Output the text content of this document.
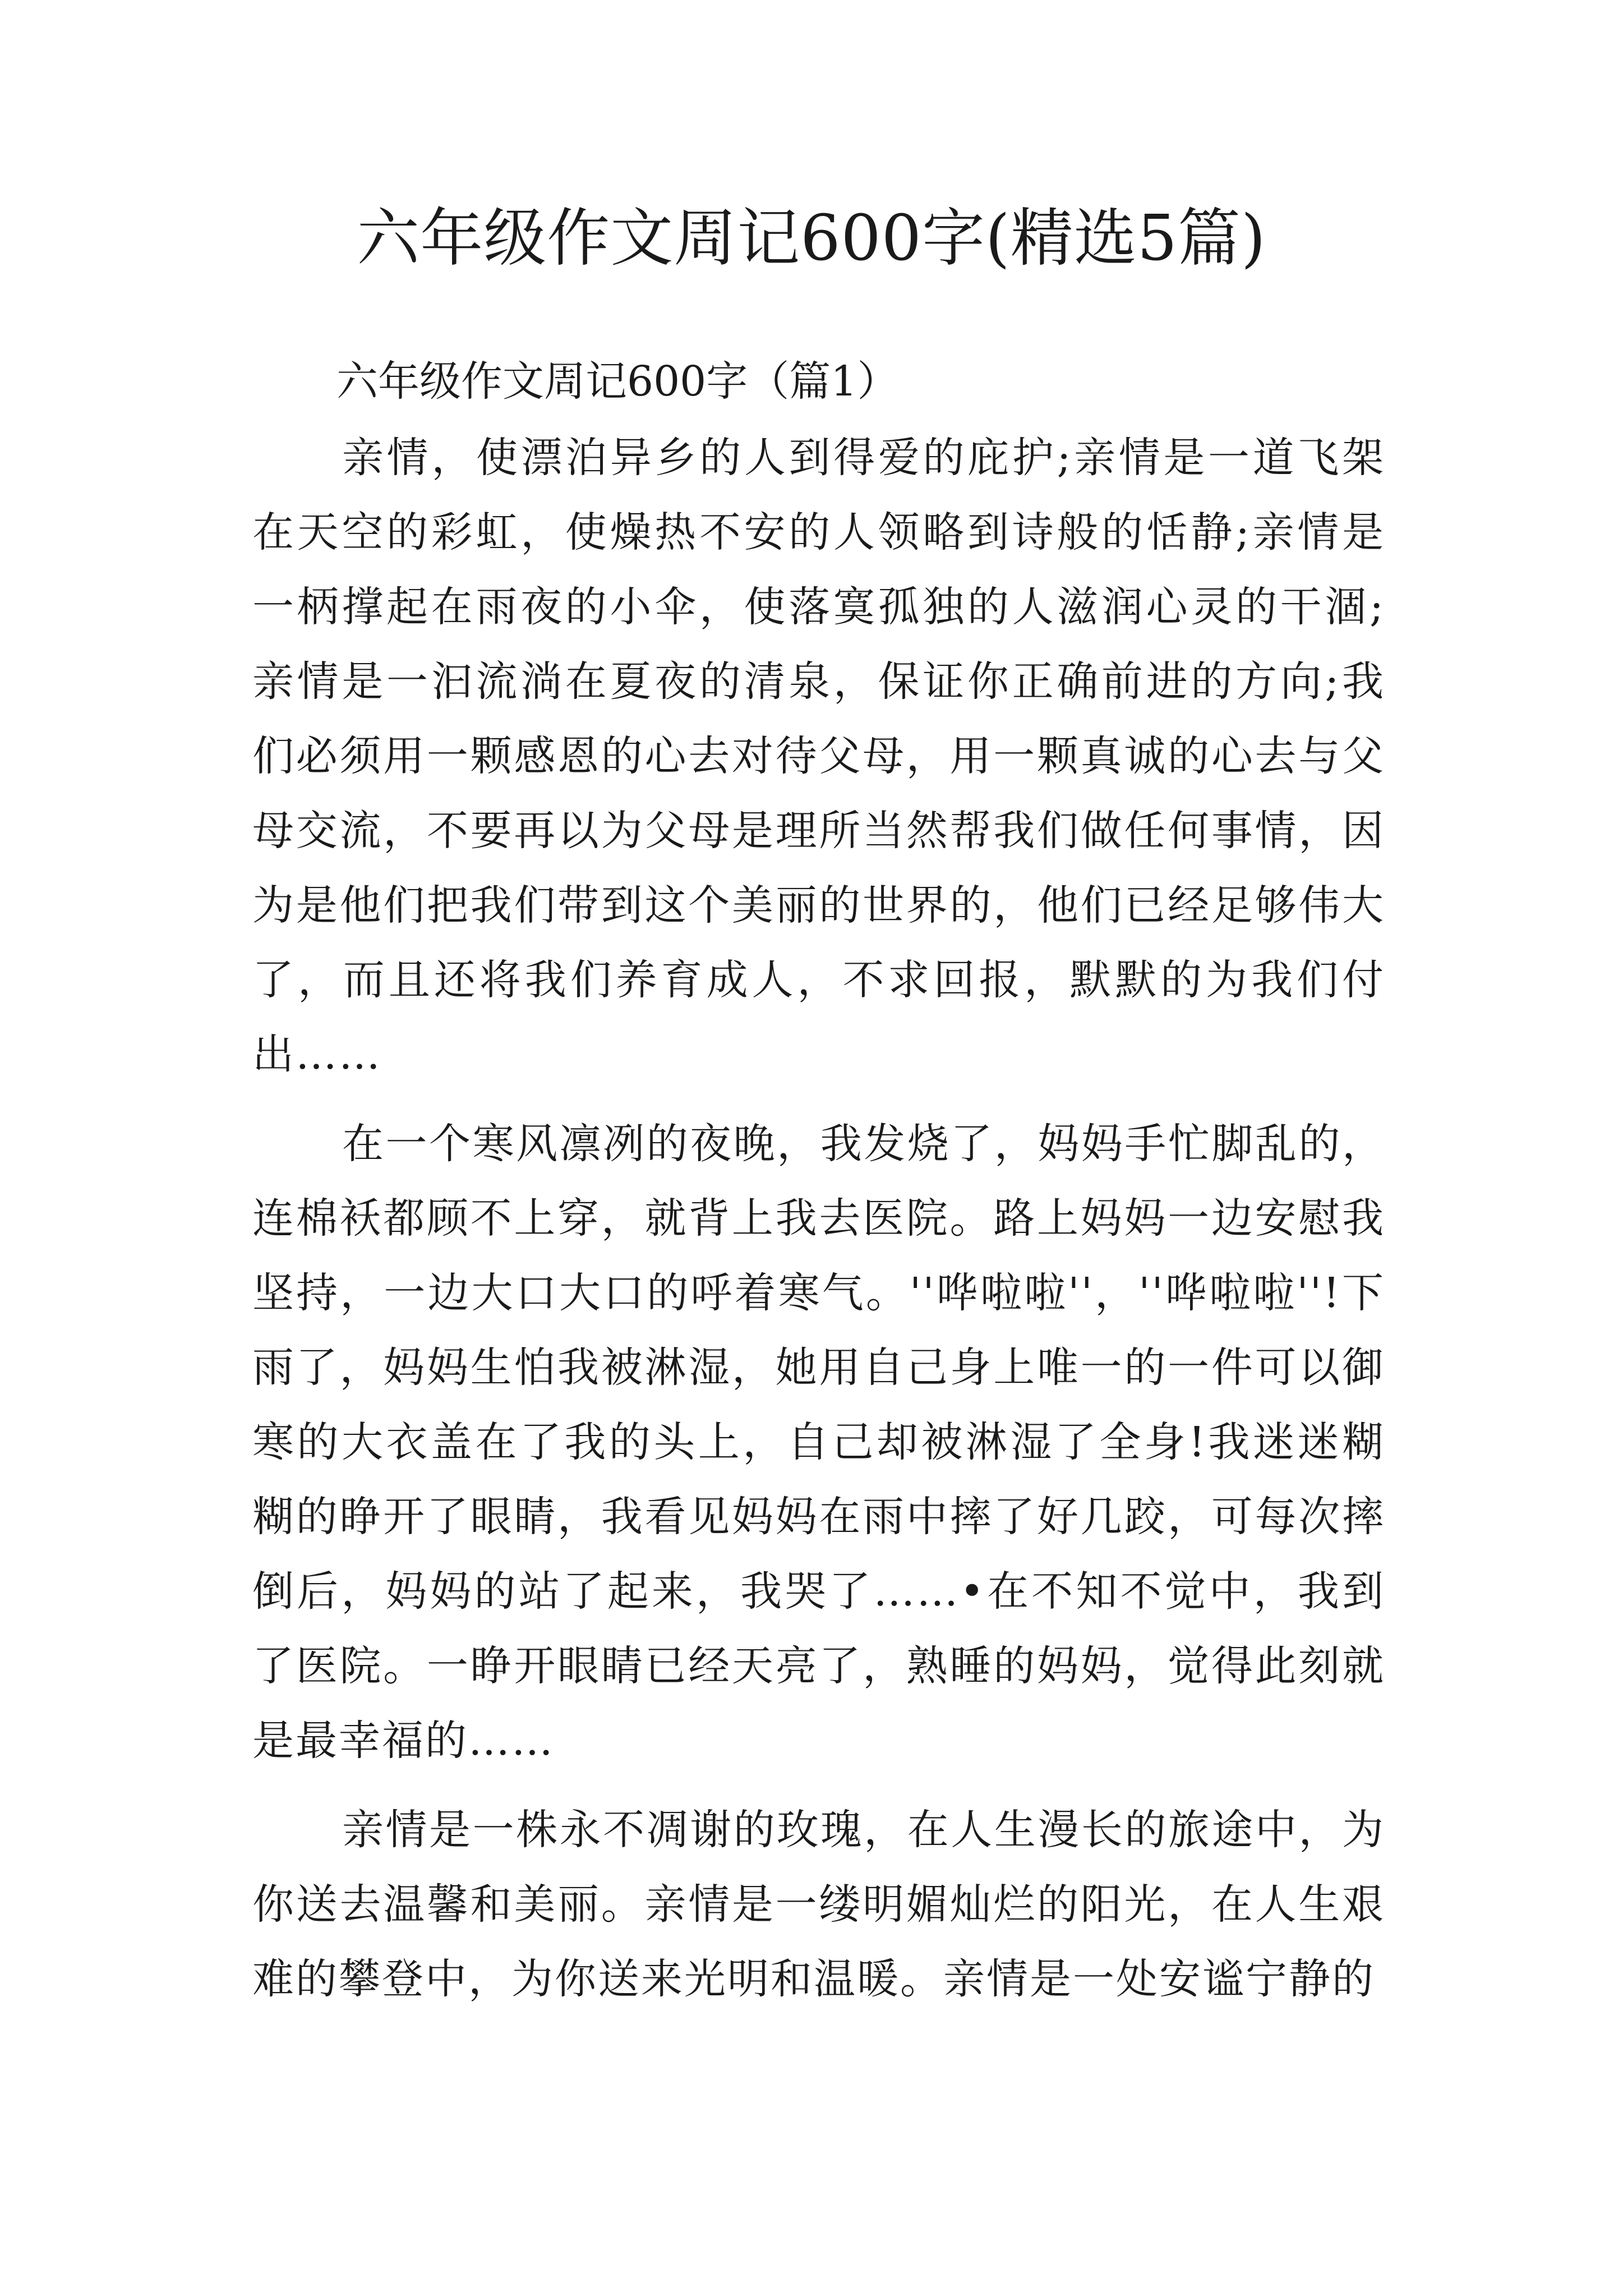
六年级作文周记600字(精选5篇)
六年级作文周记600字（篇1）

亲情，使漂泊异乡的人到得爱的庇护;亲情是一道飞架在天空的彩虹，使燥热不安的人领略到诗般的恬静;亲情是一柄撑起在雨夜的小伞，使落寞孤独的人滋润心灵的干涸;亲情是一汩流淌在夏夜的清泉，保证你正确前进的方向;我们必须用一颗感恩的心去对待父母，用一颗真诚的心去与父母交流，不要再以为父母是理所当然帮我们做任何事情，因为是他们把我们带到这个美丽的世界的，他们已经足够伟大了，而且还将我们养育成人，不求回报，默默的为我们付出……

在一个寒风凛冽的夜晚，我发烧了，妈妈手忙脚乱的，连棉袄都顾不上穿，就背上我去医院。路上妈妈一边安慰我坚持，一边大口大口的呼着寒气。''哗啦啦''，''哗啦啦''!下雨了，妈妈生怕我被淋湿，她用自己身上唯一的一件可以御寒的大衣盖在了我的头上，自己却被淋湿了全身!我迷迷糊糊的睁开了眼睛，我看见妈妈在雨中摔了好几跤，可每次摔倒后，妈妈的站了起来，我哭了……•在不知不觉中，我到了医院。一睁开眼睛已经天亮了，熟睡的妈妈，觉得此刻就是最幸福的……

亲情是一株永不凋谢的玫瑰，在人生漫长的旅途中，为你送去温馨和美丽。亲情是一缕明媚灿烂的阳光，在人生艰难的攀登中，为你送来光明和温暖。亲情是一处安谧宁静的
